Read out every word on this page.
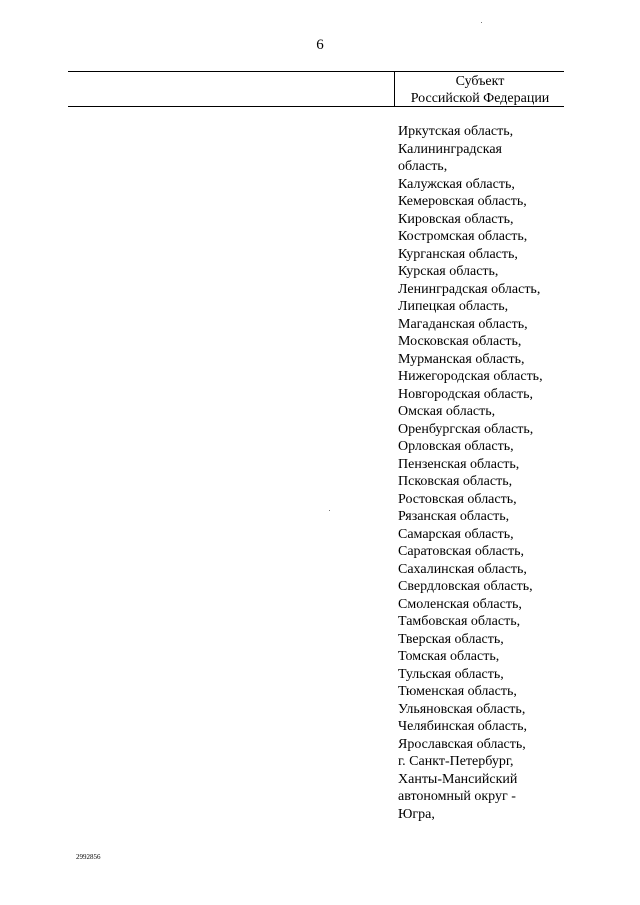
6
Субъект
Российской Федерации
Иркутская область,
Калининградская
область,
Калужская область,
Кемеровская область,
Кировская область,
Костромская область,
Курганская область,
Курская область,
Ленинградская область,
Липецкая область,
Магаданская область,
Московская область,
Мурманская область,
Нижегородская область,
Новгородская область,
Омская область,
Оренбургская область,
Орловская область,
Пензенская область,
Псковская область,
Ростовская область,
Рязанская область,
Самарская область,
Саратовская область,
Сахалинская область,
Свердловская область,
Смоленская область,
Тамбовская область,
Тверская область,
Томская область,
Тульская область,
Тюменская область,
Ульяновская область,
Челябинская область,
Ярославская область,
г. Санкт-Петербург,
Ханты-Мансийский
автономный округ -
Югра,
2992856
